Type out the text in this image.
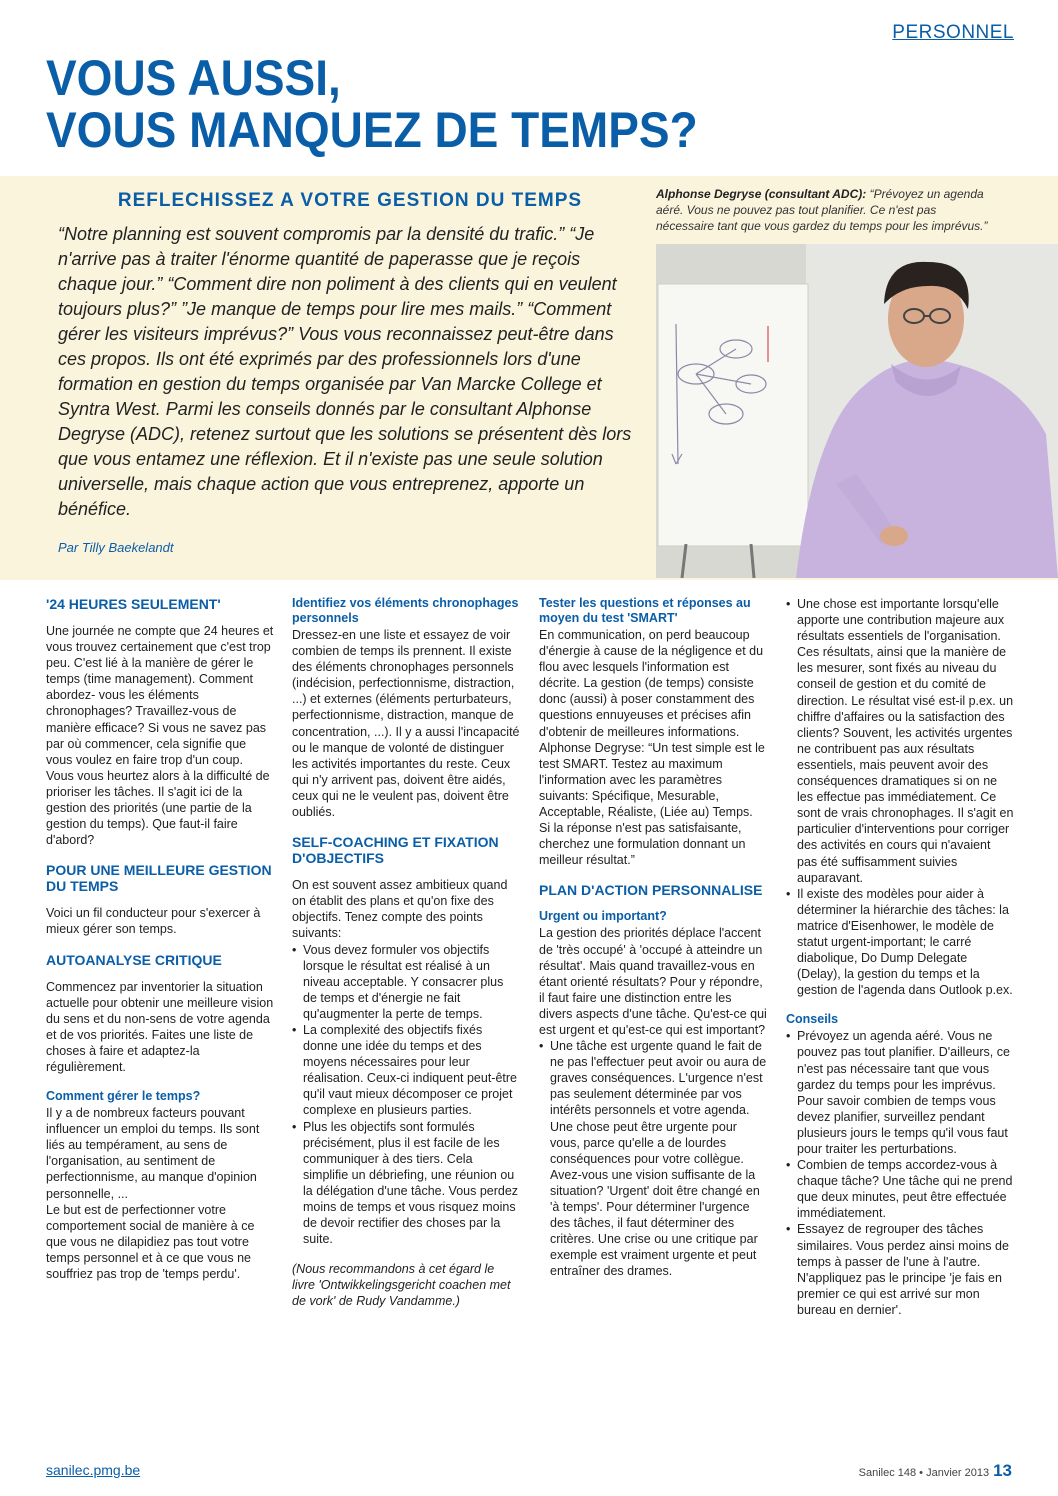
PERSONNEL
VOUS AUSSI,
VOUS MANQUEZ DE TEMPS?
REFLECHISSEZ A VOTRE GESTION DU TEMPS

“Notre planning est souvent compromis par la densité du trafic.” “Je n'arrive pas à traiter l'énorme quantité de paperasse que je reçois chaque jour.” “Comment dire non poliment à des clients qui en veulent toujours plus?” ”Je manque de temps pour lire mes mails.” “Comment gérer les visiteurs imprévus?” Vous vous reconnaissez peut-être dans ces propos. Ils ont été exprimés par des professionnels lors d'une formation en gestion du temps organisée par Van Marcke College et Syntra West. Parmi les conseils donnés par le consultant Alphonse Degryse (ADC), retenez surtout que les solutions se présentent dès lors que vous entamez une réflexion. Et il n'existe pas une seule solution universelle, mais chaque action que vous entreprenez, apporte un bénéfice.

Par Tilly Baekelandt

Alphonse Degryse (consultant ADC): “Prévoyez un agenda aéré. Vous ne pouvez pas tout planifier. Ce n'est pas nécessaire tant que vous gardez du temps pour les imprévus.”
'24 HEURES SEULEMENT'

Une journée ne compte que 24 heures et vous trouvez certainement que c'est trop peu. C'est lié à la manière de gérer le temps (time management). Comment abordez- vous les éléments chronophages? Travaillez-vous de manière efficace? Si vous ne savez pas par où commencer, cela signifie que vous voulez en faire trop d'un coup. Vous vous heurtez alors à la difficulté de prioriser les tâches. Il s'agit ici de la gestion des priorités (une partie de la gestion du temps). Que faut-il faire d'abord?

POUR UNE MEILLEURE GESTION DU TEMPS

Voici un fil conducteur pour s'exercer à mieux gérer son temps.

AUTOANALYSE CRITIQUE

Commencez par inventorier la situation actuelle pour obtenir une meilleure vision du sens et du non-sens de votre agenda et de vos priorités. Faites une liste de choses à faire et adaptez-la régulièrement.

Comment gérer le temps?

Il y a de nombreux facteurs pouvant influencer un emploi du temps. Ils sont liés au tempérament, au sens de l'organisation, au sentiment de perfectionnisme, au manque d'opinion personnelle, ...

Le but est de perfectionner votre comportement social de manière à ce que vous ne dilapidiez pas tout votre temps personnel et à ce que vous ne souffriez pas trop de 'temps perdu'.

Identifiez vos éléments chronophages personnels

Dressez-en une liste et essayez de voir combien de temps ils prennent. Il existe des éléments chronophages personnels (indécision, perfectionnisme, distraction, ...) et externes (éléments perturbateurs, perfectionnisme, distraction, manque de concentration, ...). Il y a aussi l'incapacité ou le manque de volonté de distinguer les activités importantes du reste. Ceux qui n'y arrivent pas, doivent être aidés, ceux qui ne le veulent pas, doivent être oubliés.

SELF-COACHING ET FIXATION D'OBJECTIFS

On est souvent assez ambitieux quand on établit des plans et qu'on fixe des objectifs. Tenez compte des points suivants:

• Vous devez formuler vos objectifs lorsque le résultat est réalisé à un niveau acceptable. Y consacrer plus de temps et d'énergie ne fait qu'augmenter la perte de temps.
• La complexité des objectifs fixés donne une idée du temps et des moyens nécessaires pour leur réalisation. Ceux-ci indiquent peut-être qu'il vaut mieux décomposer ce projet complexe en plusieurs parties.
• Plus les objectifs sont formulés précisément, plus il est facile de les communiquer à des tiers. Cela simplifie un débriefing, une réunion ou la délégation d'une tâche. Vous perdez moins de temps et vous risquez moins de devoir rectifier des choses par la suite.

(Nous recommandons à cet égard le livre 'Ontwikkelingsgericht coachen met de vork' de Rudy Vandamme.)

Tester les questions et réponses au moyen du test 'SMART'

En communication, on perd beaucoup d'énergie à cause de la négligence et du flou avec lesquels l'information est décrite. La gestion (de temps) consiste donc (aussi) à poser constamment des questions ennuyeuses et précises afin d'obtenir de meilleures informations. Alphonse Degryse: “Un test simple est le test SMART. Testez au maximum l'information avec les paramètres suivants: Spécifique, Mesurable, Acceptable, Réaliste, (Liée au) Temps. Si la réponse n'est pas satisfaisante, cherchez une formulation donnant un meilleur résultat.”

PLAN D'ACTION PERSONNALISE
Urgent ou important?

La gestion des priorités déplace l'accent de 'très occupé' à 'occupé à atteindre un résultat'. Mais quand travaillez-vous en étant orienté résultats? Pour y répondre, il faut faire une distinction entre les divers aspects d'une tâche. Qu'est-ce qui est urgent et qu'est-ce qui est important?

• Une tâche est urgente quand le fait de ne pas l'effectuer peut avoir ou aura de graves conséquences. L'urgence n'est pas seulement déterminée par vos intérêts personnels et votre agenda. Une chose peut être urgente pour vous, parce qu'elle a de lourdes conséquences pour votre collègue. Avez-vous une vision suffisante de la situation? 'Urgent' doit être changé en 'à temps'. Pour déterminer l'urgence des tâches, il faut déterminer des critères. Une crise ou une critique par exemple est vraiment urgente et peut entraîner des drames.
• Une chose est importante lorsqu'elle apporte une contribution majeure aux résultats essentiels de l'organisation. Ces résultats, ainsi que la manière de les mesurer, sont fixés au niveau du conseil de gestion et du comité de direction. Le résultat visé est-il p.ex. un chiffre d'affaires ou la satisfaction des clients? Souvent, les activités urgentes ne contribuent pas aux résultats essentiels, mais peuvent avoir des conséquences dramatiques si on ne les effectue pas immédiatement. Ce sont de vrais chronophages. Il s'agit en particulier d'interventions pour corriger des activités en cours qui n'avaient pas été suffisamment suivies auparavant.
• Il existe des modèles pour aider à déterminer la hiérarchie des tâches: la matrice d'Eisenhower, le modèle de statut urgent-important; le carré diabolique, Do Dump Delegate (Delay), la gestion du temps et la gestion de l'agenda dans Outlook p.ex.
Conseils
• Prévoyez un agenda aéré. Vous ne pouvez pas tout planifier. D'ailleurs, ce n'est pas nécessaire tant que vous gardez du temps pour les imprévus. Pour savoir combien de temps vous devez planifier, surveillez pendant plusieurs jours le temps qu'il vous faut pour traiter les perturbations.
• Combien de temps accordez-vous à chaque tâche? Une tâche qui ne prend que deux minutes, peut être effectuée immédiatement.
• Essayez de regrouper des tâches similaires. Vous perdez ainsi moins de temps à passer de l'une à l'autre. N'appliquez pas le principe 'je fais en premier ce qui est arrivé sur mon bureau en dernier'.
sanilec.pmg.be	Sanilec 148 • Janvier 2013 13
